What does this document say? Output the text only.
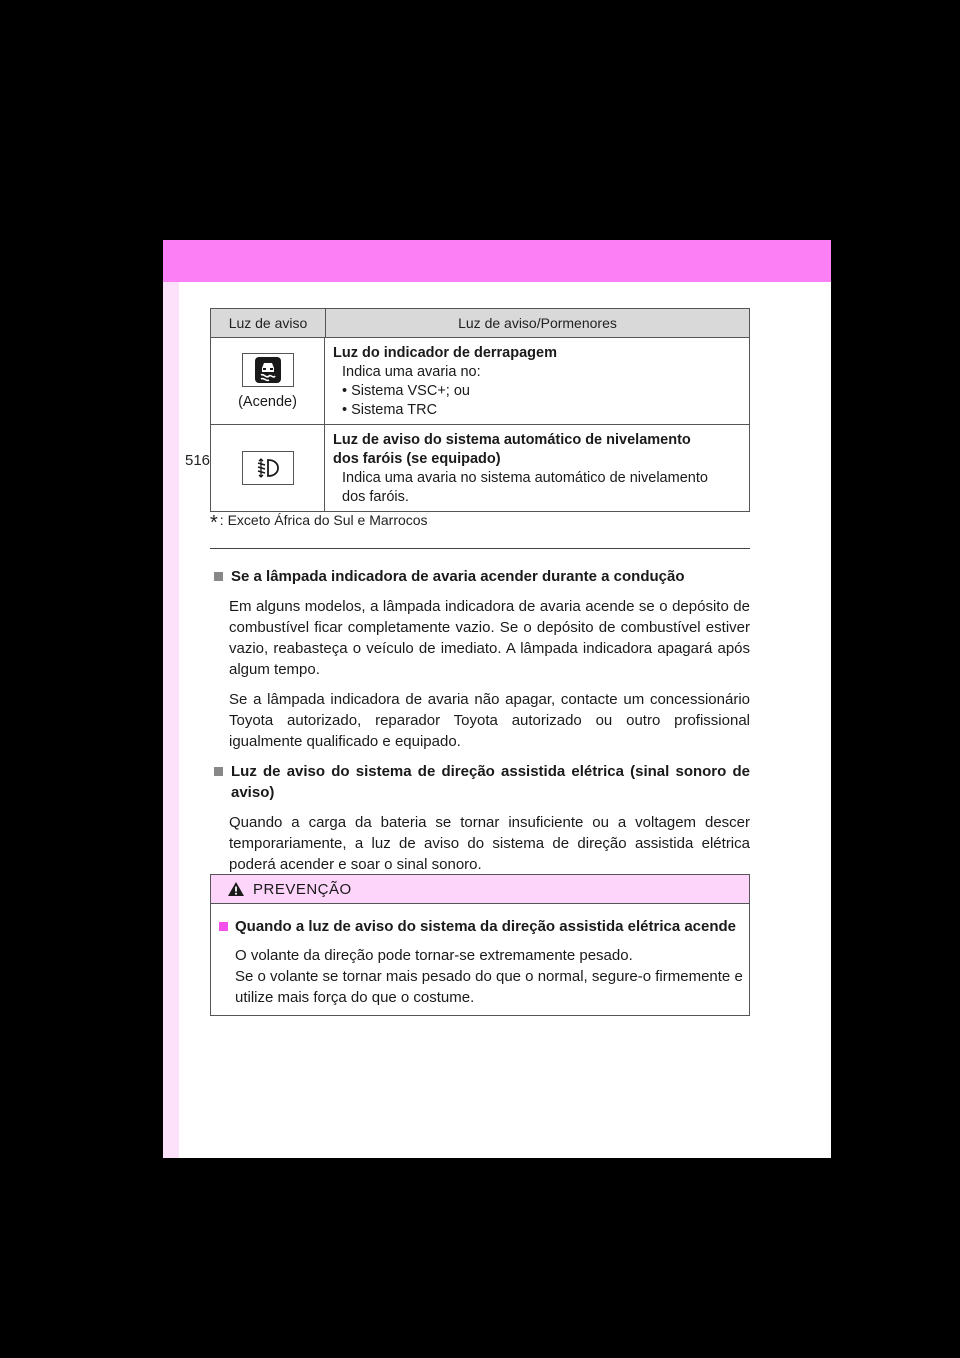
516
Luz de aviso	Luz de aviso/Pormenores
(Acende)
Luz do indicador de derrapagem
Indica uma avaria no:
• Sistema VSC+; ou
• Sistema TRC
Luz de aviso do sistema automático de nivelamento
dos faróis (se equipado)
Indica uma avaria no sistema automático de nivelamento
dos faróis.
* : Exceto África do Sul e Marrocos
Se a lâmpada indicadora de avaria acender durante a condução

Em alguns modelos, a lâmpada indicadora de avaria acende se o depósito de combustível ficar completamente vazio. Se o depósito de combustível estiver vazio, reabasteça o veículo de imediato. A lâmpada indicadora apagará após algum tempo.

Se a lâmpada indicadora de avaria não apagar, contacte um concessionário Toyota autorizado, reparador Toyota autorizado ou outro profissional igualmente qualificado e equipado.

Luz de aviso do sistema de direção assistida elétrica (sinal sonoro de aviso)

Quando a carga da bateria se tornar insuficiente ou a voltagem descer temporariamente, a luz de aviso do sistema de direção assistida elétrica poderá acender e soar o sinal sonoro.

PREVENÇÃO
Quando a luz de aviso do sistema da direção assistida elétrica acende

O volante da direção pode tornar-se extremamente pesado.

Se o volante se tornar mais pesado do que o normal, segure-o firmemente e utilize mais força do que o costume.
